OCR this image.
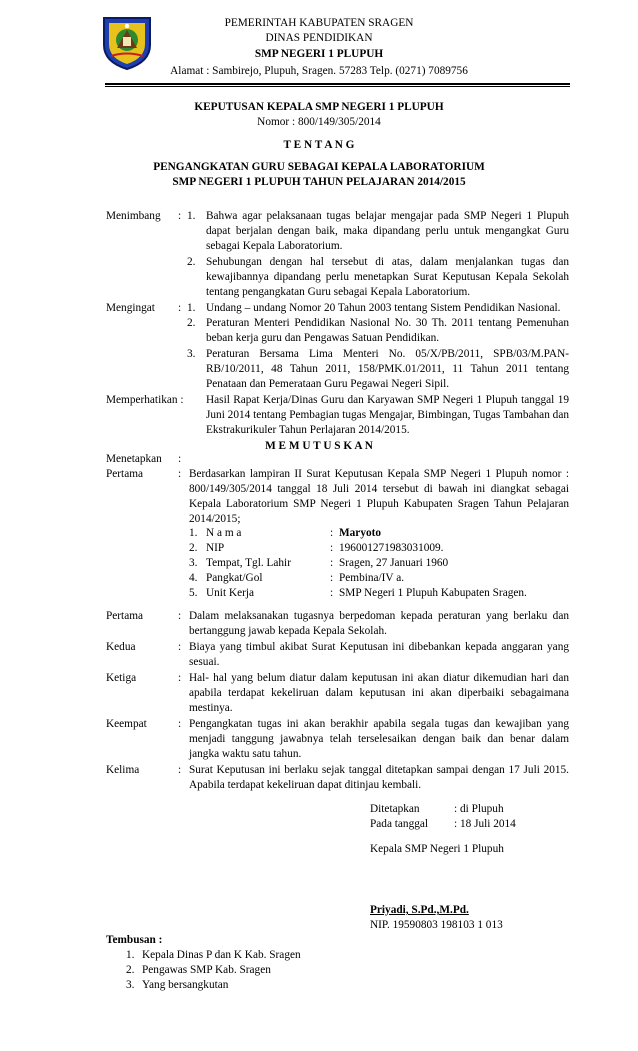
PEMERINTAH KABUPATEN SRAGEN
DINAS PENDIDIKAN
SMP NEGERI 1 PLUPUH
Alamat : Sambirejo, Plupuh, Sragen. 57283 Telp. (0271) 7089756
KEPUTUSAN KEPALA SMP NEGERI 1 PLUPUH
Nomor : 800/149/305/2014
T E N T A N G
PENGANGKATAN GURU SEBAGAI KEPALA LABORATORIUM
SMP NEGERI 1 PLUPUH TAHUN PELAJARAN 2014/2015
Menimbang : 1. Bahwa agar pelaksanaan tugas belajar mengajar pada SMP Negeri 1 Plupuh dapat berjalan dengan baik, maka dipandang perlu untuk mengangkat Guru sebagai Kepala Laboratorium.
2. Sehubungan dengan hal tersebut di atas, dalam menjalankan tugas dan kewajibannya dipandang perlu menetapkan Surat Keputusan Kepala Sekolah tentang pengangkatan Guru sebagai Kepala Laboratorium.
Mengingat : 1. Undang – undang Nomor 20 Tahun 2003 tentang Sistem Pendidikan Nasional.
2. Peraturan Menteri Pendidikan Nasional No. 30 Th. 2011 tentang Pemenuhan beban kerja guru dan Pengawas Satuan Pendidikan.
3. Peraturan Bersama Lima Menteri No. 05/X/PB/2011, SPB/03/M.PAN-RB/10/2011, 48 Tahun 2011, 158/PMK.01/2011, 11 Tahun 2011 tentang Penataan dan Pemerataan Guru Pegawai Negeri Sipil.
Memperhatikan : Hasil Rapat Kerja/Dinas Guru dan Karyawan SMP Negeri 1 Plupuh tanggal 19 Juni 2014 tentang Pembagian tugas Mengajar, Bimbingan, Tugas Tambahan dan Ekstrakurikuler Tahun Perlajaran 2014/2015.
M E M U T U S K A N
Menetapkan :
Pertama	: Berdasarkan lampiran II Surat Keputusan Kepala SMP Negeri 1 Plupuh nomor : 800/149/305/2014 tanggal 18 Juli 2014 tersebut di bawah ini diangkat sebagai Kepala Laboratorium SMP Negeri 1 Plupuh Kabupaten Sragen Tahun Pelajaran 2014/2015;
1. N a m a	: Maryoto
2. NIP	: 196001271983031009.
3. Tempat, Tgl. Lahir	: Sragen, 27 Januari 1960
4. Pangkat/Gol	: Pembina/IV a.
5. Unit Kerja	: SMP Negeri 1 Plupuh Kabupaten Sragen.
Pertama	: Dalam melaksanakan tugasnya berpedoman kepada peraturan yang berlaku dan bertanggung jawab kepada Kepala Sekolah.
Kedua	: Biaya yang timbul akibat Surat Keputusan ini dibebankan kepada anggaran yang sesuai.
Ketiga	: Hal- hal yang belum diatur dalam keputusan ini akan diatur dikemudian hari dan apabila terdapat kekeliruan dalam keputusan ini akan diperbaiki sebagaimana mestinya.
Keempat	: Pengangkatan tugas ini akan berakhir apabila segala tugas dan kewajiban yang menjadi tanggung jawabnya telah terselesaikan dengan baik dan benar dalam jangka waktu satu tahun.
Kelima	: Surat Keputusan ini berlaku sejak tanggal ditetapkan sampai dengan 17 Juli 2015. Apabila terdapat kekeliruan dapat ditinjau kembali.
Ditetapkan	: di Plupuh
Pada tanggal : 18 Juli 2014
Kepala SMP Negeri 1 Plupuh
Priyadi, S.Pd.,M.Pd.
NIP. 19590803 198103 1 013
Tembusan :
1. Kepala Dinas P dan K Kab. Sragen
2. Pengawas SMP Kab. Sragen
3. Yang bersangkutan
